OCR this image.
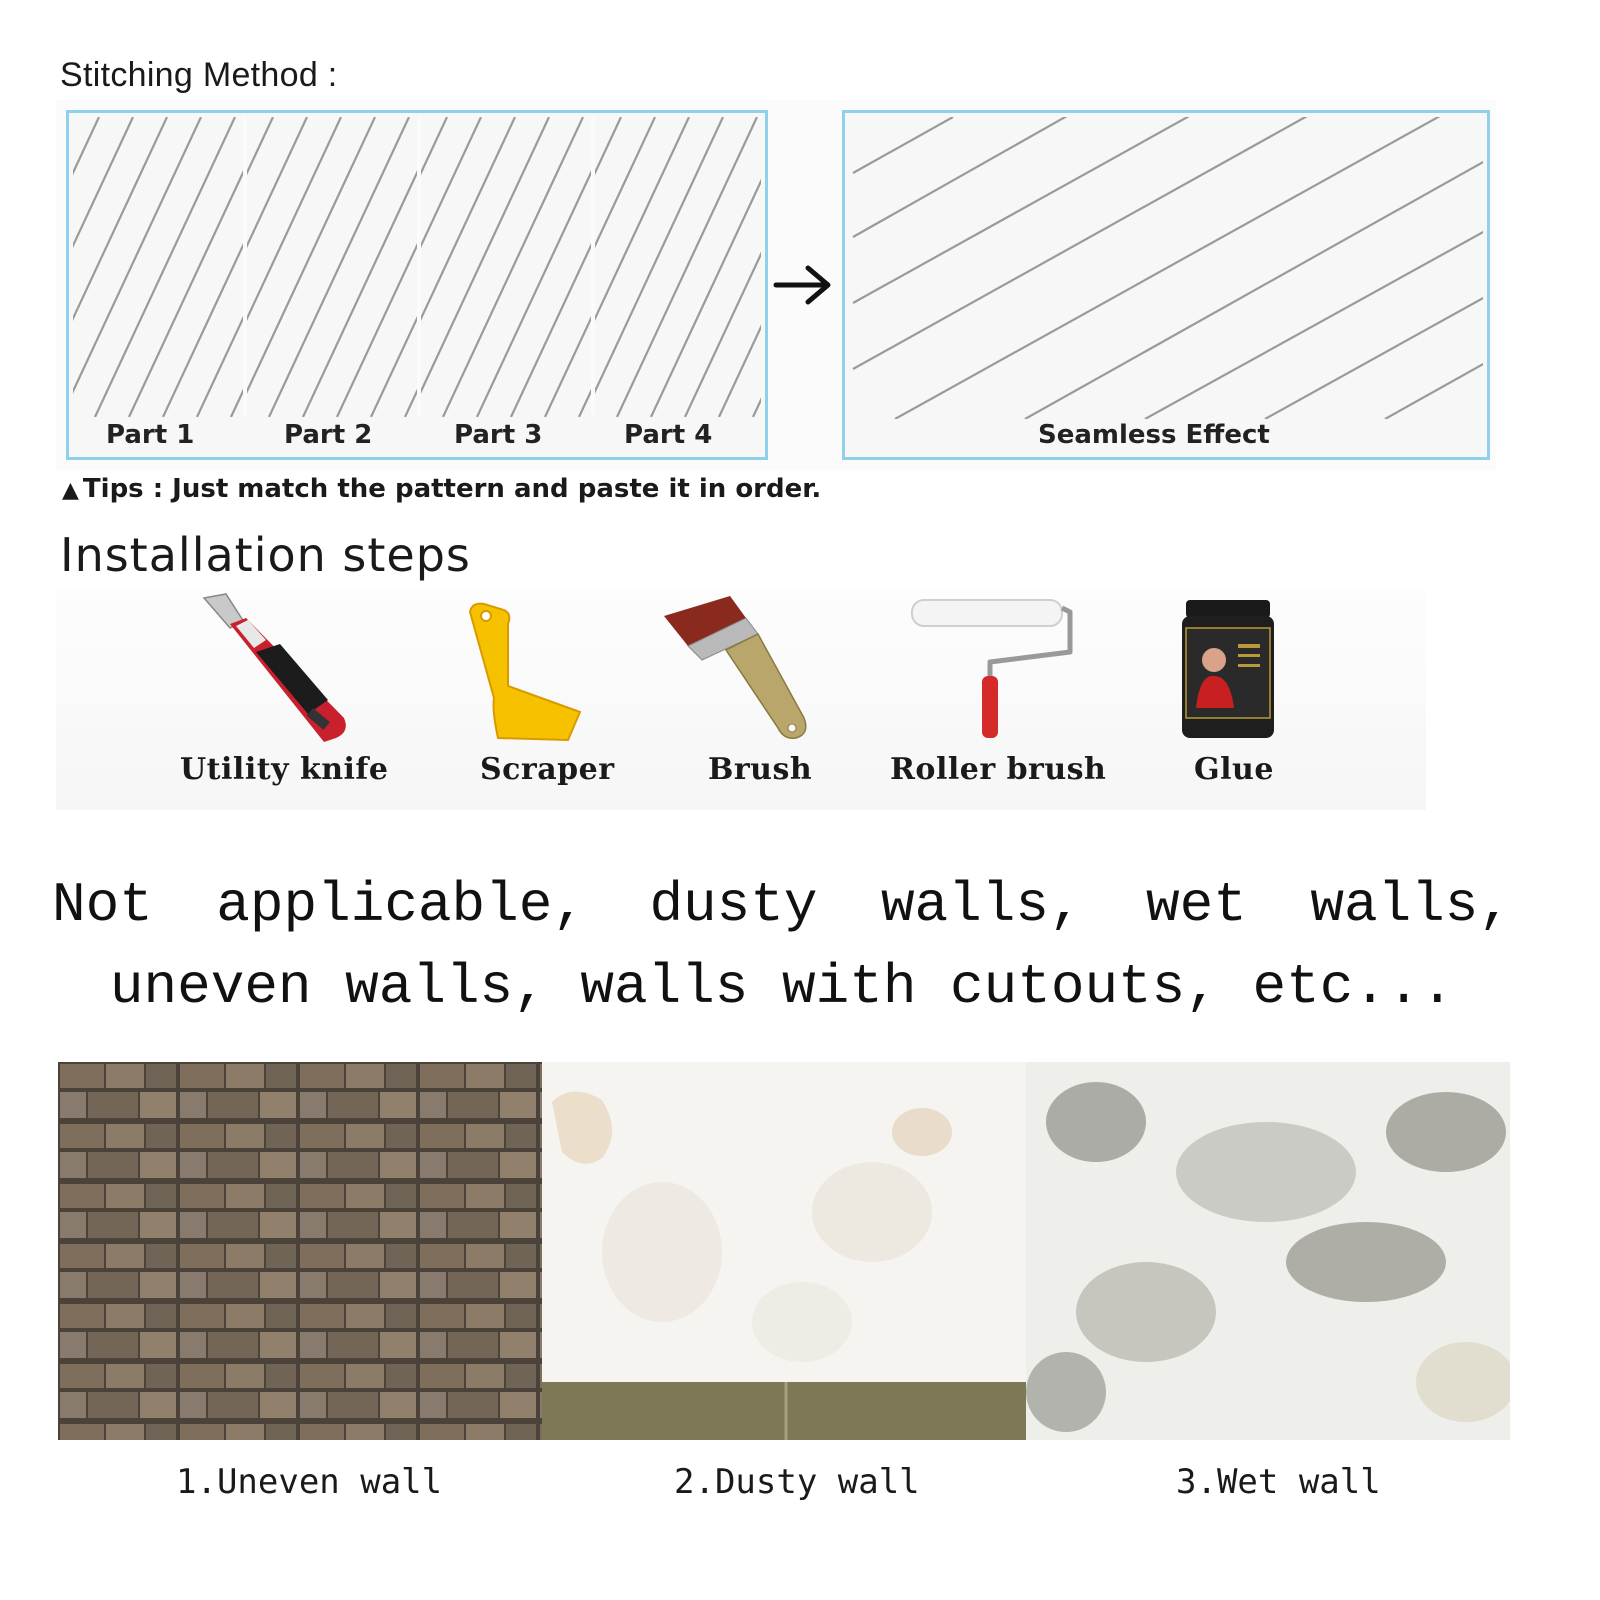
Stitching Method :
Part 1	Part 2	Part 3	Part 4	Seamless Effect
▲ Tips : Just match the pattern and paste it in order.
Installation steps
Utility knife	Scraper	Brush	Roller brush	Glue
Not applicable, dusty walls, wet walls, uneven walls, walls with cutouts, etc...
1.Uneven wall	2.Dusty wall	3.Wet wall
